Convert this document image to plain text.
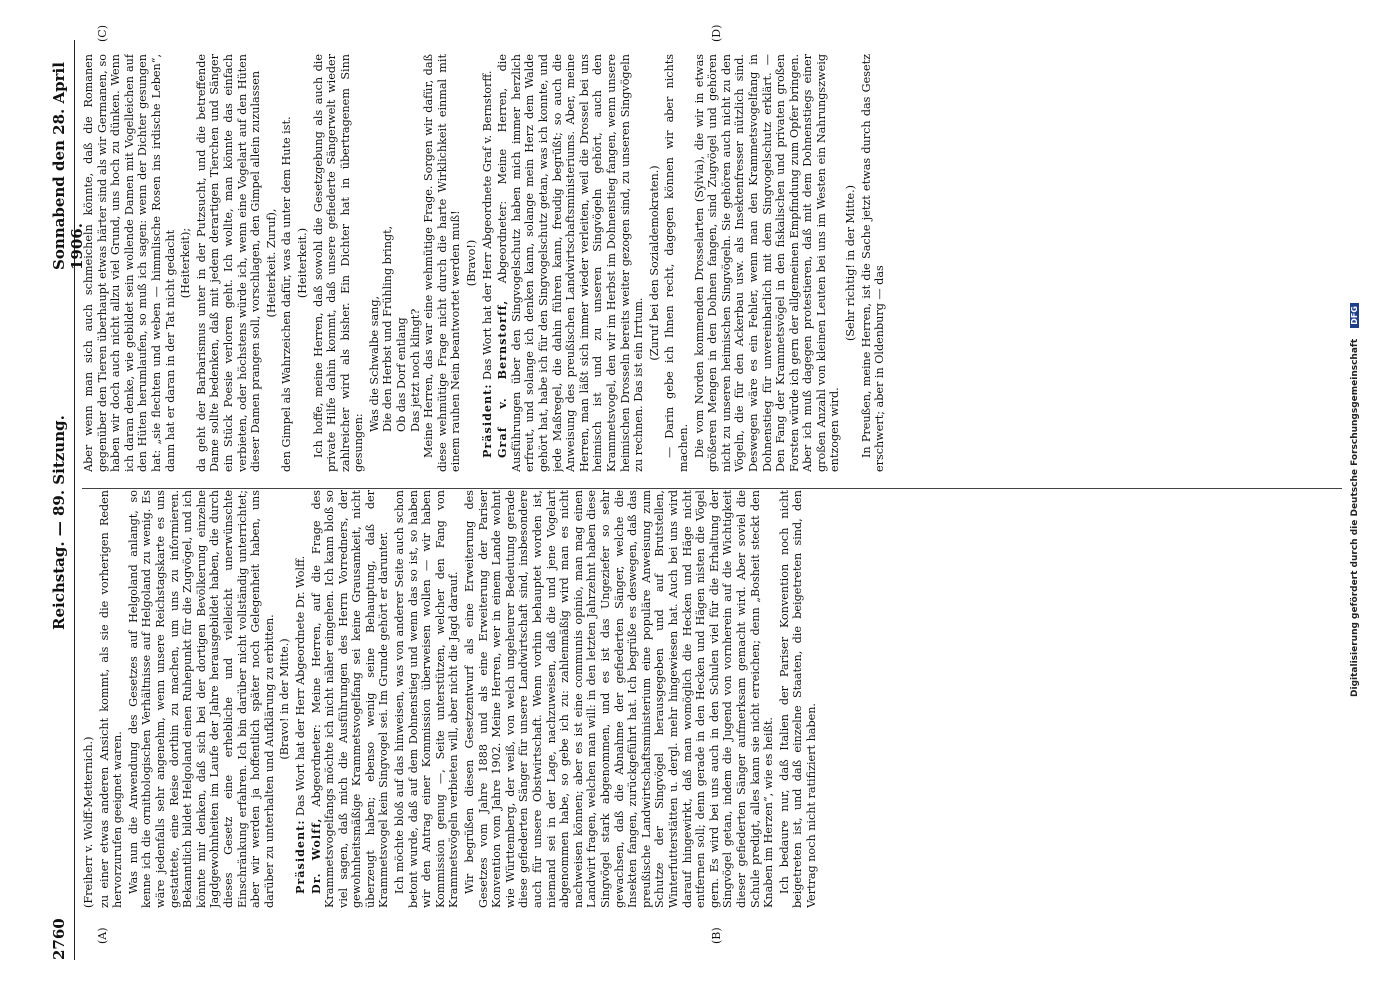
2760
Reichstag. — 89. Sitzung.
Sonnabend den 28. April 1906.
(A)	(B)
(C)	(D)

(Freiherr v. Wolff-Metternich.) zu einer etwas anderen Ansicht kommt, als sie die vorherigen Reden hervorzurufen geeignet waren. Was nun die Anwendung des Gesetzes auf Helgoland anlangt, so kenne ich die ornithologischen Verhältnisse auf Helgoland zu wenig. Es wäre jedenfalls sehr angenehm, wenn unsere Reichstagskarte es uns gestattete, eine Reise dorthin zu machen, um uns zu informieren. Bekanntlich bildet Helgoland einen Ruhepunkt für die Zugvögel, und ich könnte mir denken, daß sich bei der dortigen Bevölkerung einzelne Jagdgewohnheiten im Laufe der Jahre herausgebildet haben, die durch dieses Gesetz eine erhebliche und vielleicht unerwünschte Einschränkung erfahren. Ich bin darüber nicht vollständig unterrichtet; aber wir werden ja hoffentlich später noch Gelegenheit haben, uns darüber zu unterhalten und Aufklärung zu erbitten. (Bravo! in der Mitte.)

Präsident: Das Wort hat der Herr Abgeordnete Dr. Wolff.

Dr. Wolff, Abgeordneter: Meine Herren, auf die Frage des Krammetsvogelfangs möchte ich nicht näher eingehen. Ich kann bloß so viel sagen, daß mich die Ausführungen des Herrn Vorredners, der gewohnheitsmäßige Krammetsvogelfang sei keine Grausamkeit, nicht überzeugt haben; ebenso wenig seine Behauptung, daß der Krammetsvogel kein Singvogel sei. Im Grunde gehört er darunter. Ich möchte bloß auf das hinweisen, was von anderer Seite auch schon betont wurde, daß auf dem Dohnenstieg und wenn das so ist, so haben wir den Antrag einer Kommission überweisen wollen — wir haben Kommission genug —, Seite unterstützen, welcher den Fang von Krammetsvögeln verbieten will, aber nicht die Jagd darauf. Wir begrüßen diesen Gesetzentwurf als eine Erweiterung des Gesetzes vom Jahre 1888 und als eine Erweiterung der Pariser Konvention vom Jahre 1902. Meine Herren, wer in einem Lande wohnt wie Württemberg, der weiß, von welch ungeheurer Bedeutung gerade diese gefiederten Sänger für unsere Landwirtschaft sind, insbesondere auch für unsere Obstwirtschaft. Wenn vorhin behauptet worden ist, niemand sei in der Lage, nachzuweisen, daß die und jene Vogelart abgenommen habe, so gebe ich zu: zahlenmäßig wird man es nicht nachweisen können; aber es ist eine communis opinio, man mag einen Landwirt fragen, welchen man will: in den letzten Jahrzehnt haben diese Singvögel stark abgenommen, und es ist das Ungeziefer so sehr gewachsen, daß die Abnahme der gefiederten Sänger, welche die Insekten fangen, zurückgeführt hat. Ich begrüße es deswegen, daß das preußische Landwirtschaftsministerium eine populäre Anweisung zum Schutze der Singvögel herausgegeben und auf Brutstellen, Winterfutterstätten u. dergl. mehr hingewiesen hat. Auch bei uns wird darauf hingewirkt, daß man womöglich die Hecken und Häge nicht entfernen soll; denn gerade in den Hecken und Hägen nisten die Vögel gern. Es wird bei uns auch in den Schulen viel für die Erhaltung der Singvögel getan, indem die Jugend von vornherein auf die Wichtigkeit dieser gefiederten Sänger aufmerksam gemacht wird. Aber soviel die Schule predigt, alles kann sie nicht erreichen; denn „Bosheit steckt den Knaben im Herzen“, wie es heißt. Ich bedaure nur, daß Italien der Pariser Konvention noch nicht beigetreten ist, und daß einzelne Staaten, die beigetreten sind, den Vertrag noch nicht ratifiziert haben.

Aber wenn man sich auch schmeicheln könnte, daß die Romanen gegenüber den Tieren überhaupt etwas härter sind als wir Germanen, so haben wir doch auch nicht allzu viel Grund, uns hoch zu dünken. Wenn ich daran denke, wie gebildet sein wollende Damen mit Vogelleichen auf den Hüten herumlaufen, so muß ich sagen: wenn der Dichter gesungen hat: „sie flechten und weben — himmlische Rosen ins irdische Leben“, dann hat er daran in der Tat nicht gedacht (Heiterkeit); da geht der Barbarismus unter in der Putzsucht, und die betreffende Dame sollte bedenken, daß mit jedem derartigen Tierchen und Sänger ein Stück Poesie verloren geht. Ich wollte, man könnte das einfach verbieten, oder höchstens würde ich, wenn eine Vogelart auf den Hüten dieser Damen prangen soll, vorschlagen, den Gimpel allein zuzulassen (Heiterkeit. Zuruf), den Gimpel als Wahrzeichen dafür, was da unter dem Hute ist. (Heiterkeit.) Ich hoffe, meine Herren, daß sowohl die Gesetzgebung als auch die private Hilfe dahin kommt, daß unsere gefiederte Sängerwelt wieder zahlreicher wird als bisher. Ein Dichter hat in übertragenem Sinn gesungen:

Was die Schwalbe sang, Die den Herbst und Frühling bringt, Ob das Dorf entlang Das jetzt noch klingt? Meine Herren, das war eine wehmütige Frage. Sorgen wir dafür, daß diese wehmütige Frage nicht durch die harte Wirklichkeit einmal mit einem rauhen Nein beantwortet werden muß! (Bravo!)

Präsident: Das Wort hat der Herr Abgeordnete Graf v. Bernstorff. Graf v. Bernstorff, Abgeordneter: Meine Herren, die Ausführungen über den Singvogelschutz haben mich immer herzlich erfreut, und solange ich denken kann, solange mein Herz dem Walde gehört hat, habe ich für den Singvogelschutz getan, was ich konnte, und jede Maßregel, die dahin führen kann, freudig begrüßt; so auch die Anweisung des preußischen Landwirtschaftsministeriums. Aber, meine Herren, man läßt sich immer wieder verleiten, weil die Drossel bei uns heimisch ist und zu unseren Singvögeln gehört, auch den Krammetsvogel, den wir im Herbst im Dohnenstieg fangen, wenn unsere heimischen Drosseln bereits weiter gezogen sind, zu unseren Singvögeln zu rechnen. Das ist ein Irrtum.

(Zuruf bei den Sozialdemokraten.) — Darin gebe ich Ihnen recht, dagegen können wir aber nichts machen. Die vom Norden kommenden Drosselarten (Sylvia), die wir in etwas größeren Mengen in den Dohnen fangen, sind Zugvögel und gehören nicht zu unseren heimischen Singvögeln. Sie gehören auch nicht zu den Vögeln, die für den Ackerbau usw. als Insektenfresser nützlich sind. Deswegen wäre es ein Fehler, wenn man den Krammetsvogelfang in Dohnenstieg für unvereinbarlich mit dem Singvogelschutz erklärt. — Den Fang der Krammetsvögel in den fiskalischen und privaten großen Forsten würde ich gern der allgemeinen Empfindung zum Opfer bringen. Aber ich muß dagegen protestieren, daß mit dem Dohnenstiegs einer großen Anzahl von kleinen Leuten bei uns im Westen ein Nahrungszweig entzogen wird.

(Sehr richtig! in der Mitte.) In Preußen, meine Herren, ist die Sache jetzt etwas durch das Gesetz erschwert; aber in Oldenburg — das	Digitalisierung gefördert durch die Deutsche Forschungsgemeinschaft DFG
